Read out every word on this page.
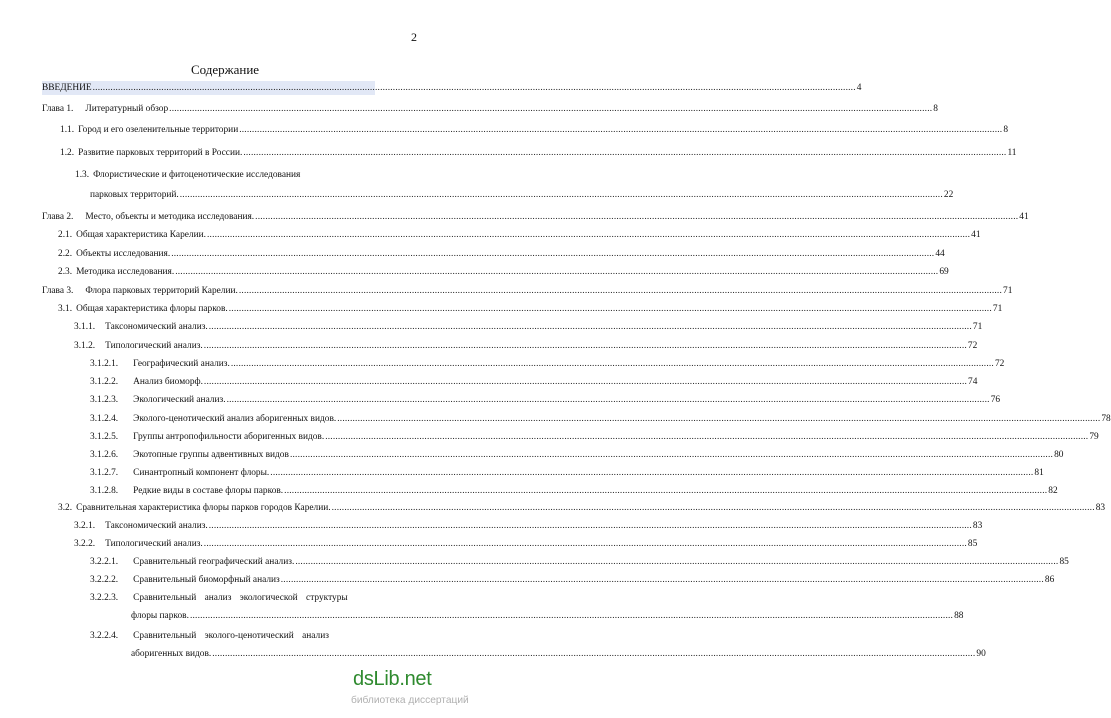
2
Содержание
ВВЕДЕНИЕ ............................................................................................................................................................................................................................................................................................................ 4
Глава 1. Литературный обзор ............................................................................................................................................................................................................................................................................................................ 8
1.1. Город и его озеленительные территории ............................................................................................................................................................................................................................................................................................................ 8
1.2. Развитие парковых территорий в России. ............................................................................................................................................................................................................................................................................................................ 11
1.3. Флористические и фитоценотические исследования
парковых территорий. ............................................................................................................................................................................................................................................................................................................ 22
Глава 2. Место, объекты и методика исследования. ............................................................................................................................................................................................................................................................................................................ 41
2.1. Общая характеристика Карелии. ............................................................................................................................................................................................................................................................................................................ 41
2.2. Объекты исследования. ............................................................................................................................................................................................................................................................................................................ 44
2.3. Методика исследования. ............................................................................................................................................................................................................................................................................................................ 69
Глава 3. Флора парковых территорий Карелии. ............................................................................................................................................................................................................................................................................................................ 71
3.1. Общая характеристика флоры парков. ............................................................................................................................................................................................................................................................................................................ 71
3.1.1. Таксономический анализ. ............................................................................................................................................................................................................................................................................................................ 71
3.1.2. Типологический анализ. ............................................................................................................................................................................................................................................................................................................ 72
3.1.2.1. Географический анализ. ............................................................................................................................................................................................................................................................................................................ 72
3.1.2.2. Анализ биоморф. ............................................................................................................................................................................................................................................................................................................ 74
3.1.2.3. Экологический анализ. ............................................................................................................................................................................................................................................................................................................ 76
3.1.2.4. Эколого-ценотический анализ аборигенных видов. ............................................................................................................................................................................................................................................................................................................ 78
3.1.2.5. Группы антропофильности аборигенных видов. ............................................................................................................................................................................................................................................................................................................ 79
3.1.2.6. Экотопные группы адвентивных видов ............................................................................................................................................................................................................................................................................................................ 80
3.1.2.7. Синантропный компонент флоры. ............................................................................................................................................................................................................................................................................................................ 81
3.1.2.8. Редкие виды в составе флоры парков. ............................................................................................................................................................................................................................................................................................................ 82
3.2. Сравнительная характеристика флоры парков городов Карелии. ............................................................................................................................................................................................................................................................................................................ 83
3.2.1. Таксономический анализ. ............................................................................................................................................................................................................................................................................................................ 83
3.2.2. Типологический анализ. ............................................................................................................................................................................................................................................................................................................ 85
3.2.2.1. Сравнительный географический анализ. ............................................................................................................................................................................................................................................................................................................ 85
3.2.2.2. Сравнительный биоморфный анализ ............................................................................................................................................................................................................................................................................................................ 86
3.2.2.3. Сравнительный анализ экологической структуры
флоры парков. ............................................................................................................................................................................................................................................................................................................ 88
3.2.2.4. Сравнительный эколого-ценотический анализ
аборигенных видов. ............................................................................................................................................................................................................................................................................................................ 90
dsLib.net
библиотека диссертаций
